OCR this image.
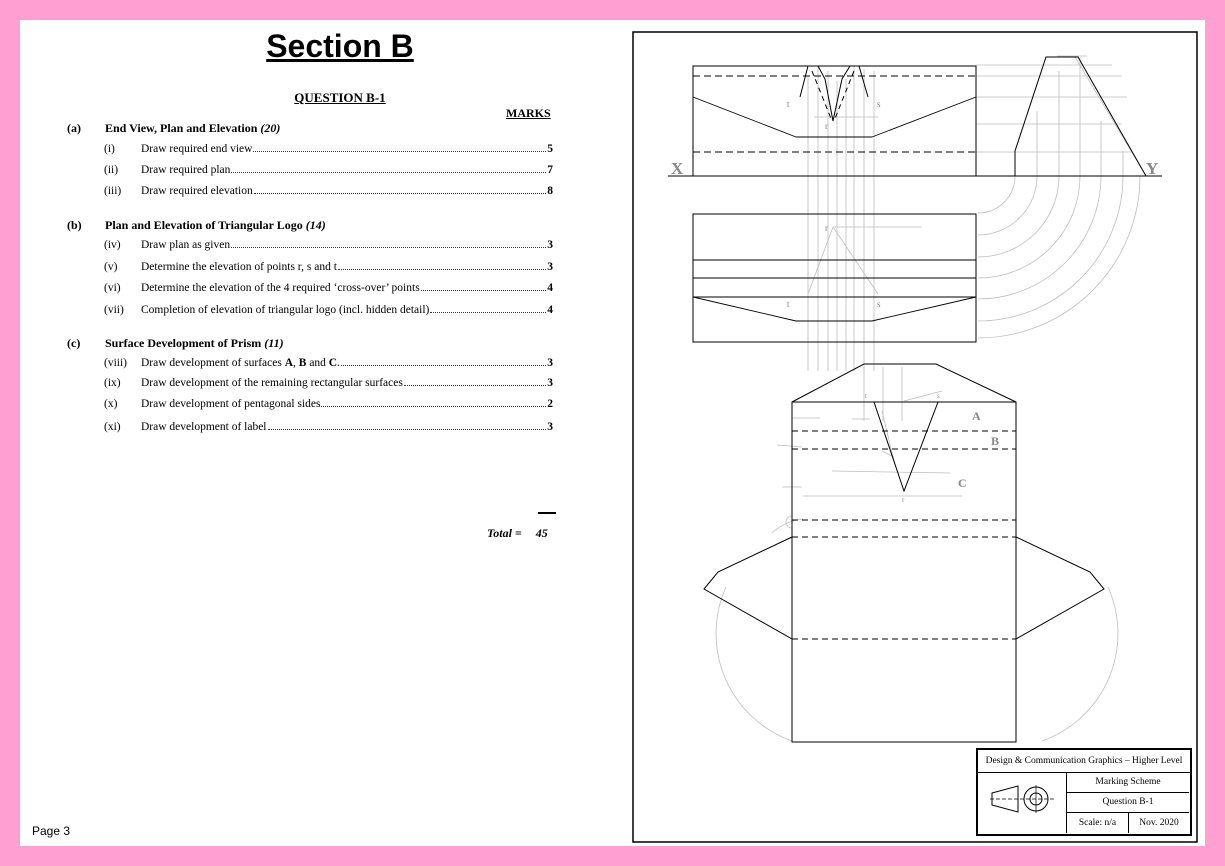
Section B
QUESTION B-1
MARKS
(a) End View, Plan and Elevation (20)
(i)	Draw required end view	5
(ii)	Draw required plan	7
(iii)	Draw required elevation	8
(b) Plan and Elevation of Triangular Logo (14)
(iv)	Draw plan as given	3
(v)	Determine the elevation of points r, s and t	3
(vi)	Determine the elevation of the 4 required ‘cross-over’ points	4
(vii)	Completion of elevation of triangular logo (incl. hidden detail)	4
(c) Surface Development of Prism (11)
(viii)	Draw development of surfaces A, B and C.	3
(ix)	Draw development of the remaining rectangular surfaces	3
(x)	Draw development of pentagonal sides	2
(xi)	Draw development of label	3
Total = 45
Page 3
X	Y
t	s
r
r
t	s
t	s
r
A
B
C
Design & Communication Graphics – Higher Level
Marking Scheme
Question B-1
Scale: n/a	Nov. 2020
